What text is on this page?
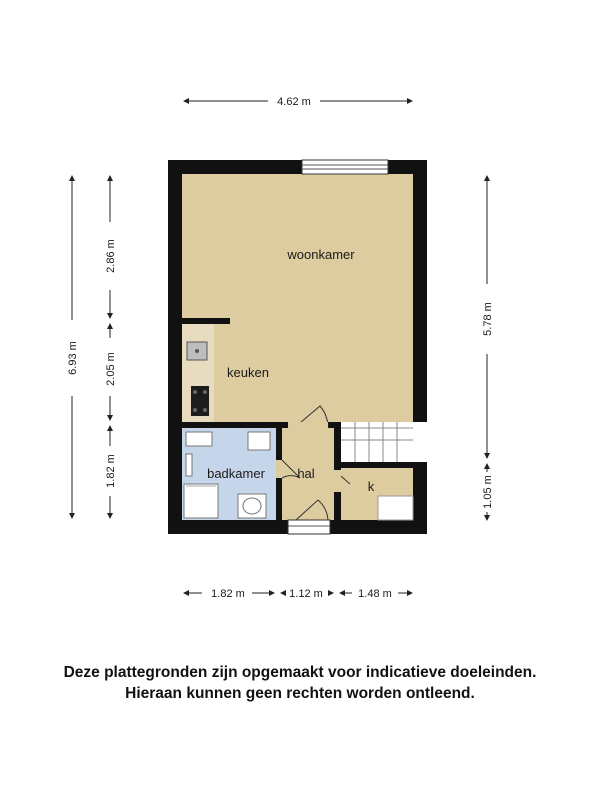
woonkamer
keuken
badkamer hal
k
4.62 m
6.93 m
2.86 m
2.05 m
1.82 m
5.78 m
1.05 m
1.82 m	1.12 m	1.48 m
Deze plattegronden zijn opgemaakt voor indicatieve doeleinden.
Hieraan kunnen geen rechten worden ontleend.
